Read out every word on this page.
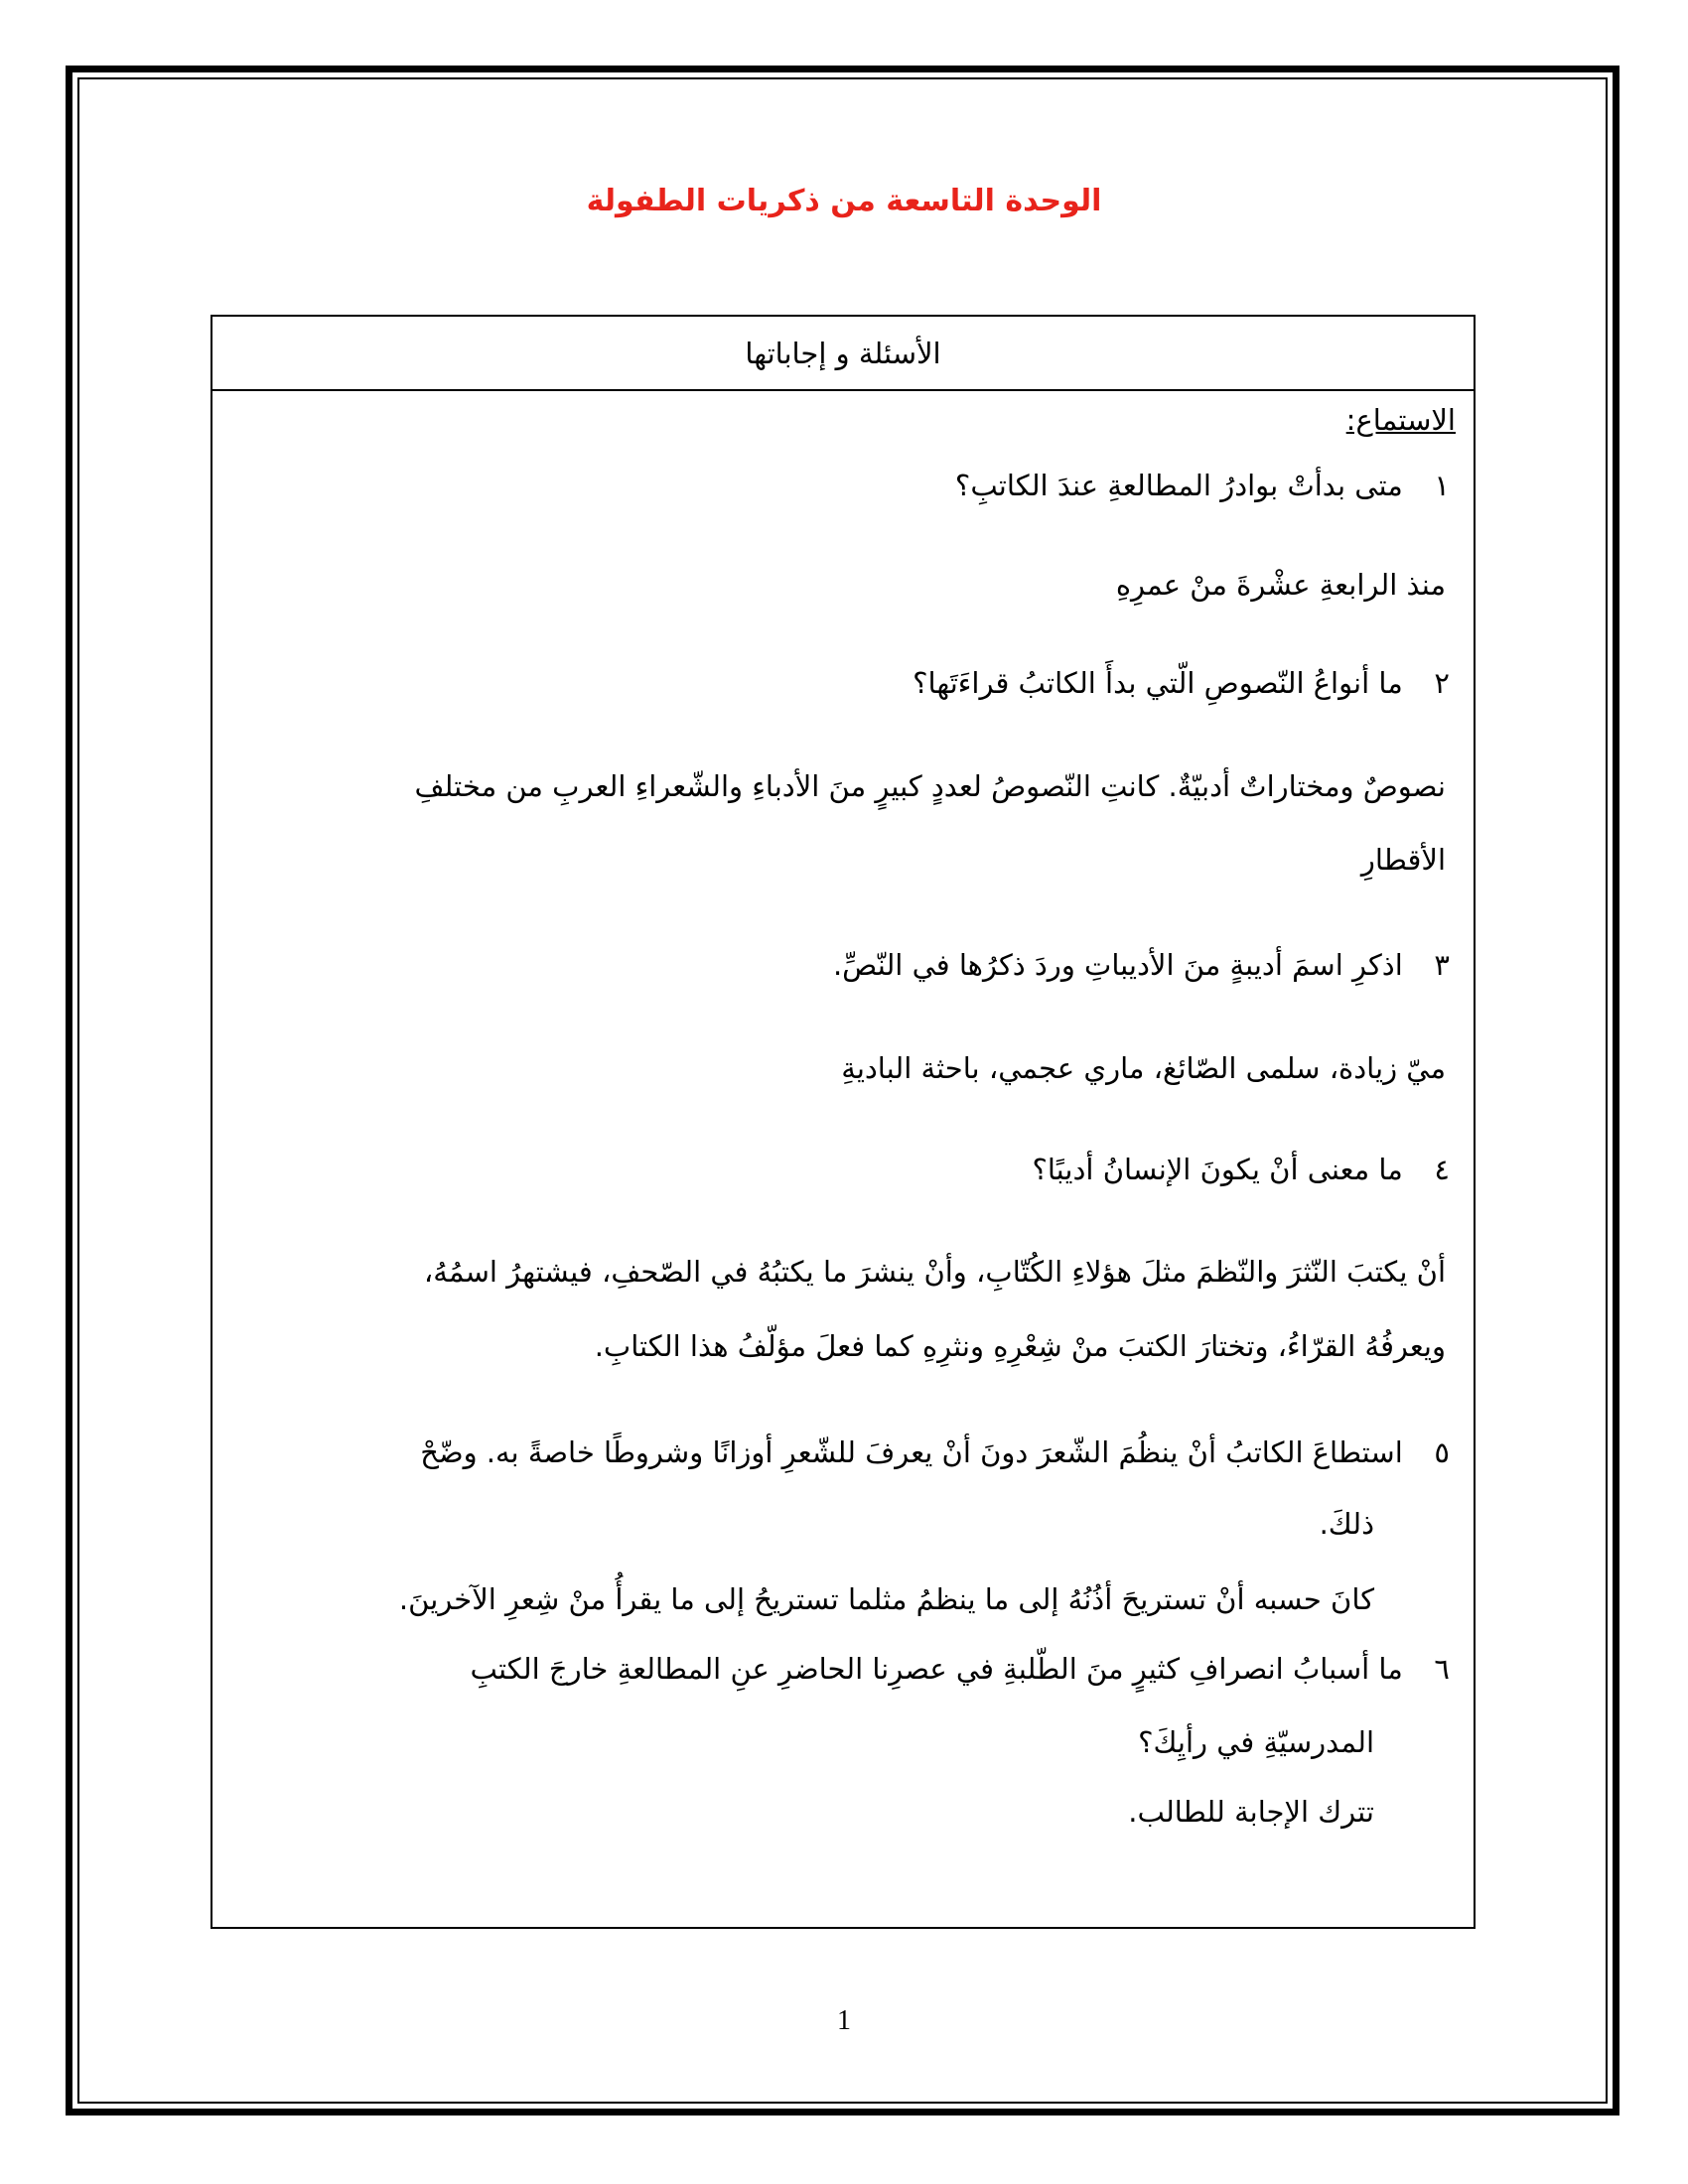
الوحدة التاسعة من ذكريات الطفولة
الأسئلة و إجاباتها
الاستماع:
١ متى بدأتْ بوادرُ المطالعةِ عندَ الكاتبِ؟
منذ الرابعةِ عشْرةَ منْ عمرِهِ
٢ ما أنواعُ النّصوصِ الّتي بدأَ الكاتبُ قراءَتَها؟
نصوصٌ ومختاراتٌ أدبيّةٌ. كانتِ النّصوصُ لعددٍ كبيرٍ منَ الأدباءِ والشّعراءِ العربِ من مختلفِ
الأقطارِ
٣ اذكرِ اسمَ أديبةٍ منَ الأديباتِ وردَ ذكرُها في النّصِّ.
ميّ زيادة، سلمى الصّائغ، ماري عجمي، باحثة الباديةِ
٤ ما معنى أنْ يكونَ الإنسانُ أديبًا؟
أنْ يكتبَ النّثرَ والنّظمَ مثلَ هؤلاءِ الكُتّابِ، وأنْ ينشرَ ما يكتبُهُ في الصّحفِ، فيشتهرُ اسمُهُ،
ويعرفُهُ القرّاءُ، وتختارَ الكتبَ منْ شِعْرِهِ ونثرِهِ كما فعلَ مؤلّفُ هذا الكتابِ.
٥ استطاعَ الكاتبُ أنْ ينظُمَ الشّعرَ دونَ أنْ يعرفَ للشّعرِ أوزانًا وشروطًا خاصةً به. وضّحْ
ذلكَ.
كانَ حسبه أنْ تستريحَ أذُنُهُ إلى ما ينظمُ مثلما تستريحُ إلى ما يقرأُ منْ شِعرِ الآخرينَ.
٦ ما أسبابُ انصرافِ كثيرٍ منَ الطّلبةِ في عصرِنا الحاضرِ عنِ المطالعةِ خارجَ الكتبِ
المدرسيّةِ في رأيِكَ؟
تترك الإجابة للطالب.
1
